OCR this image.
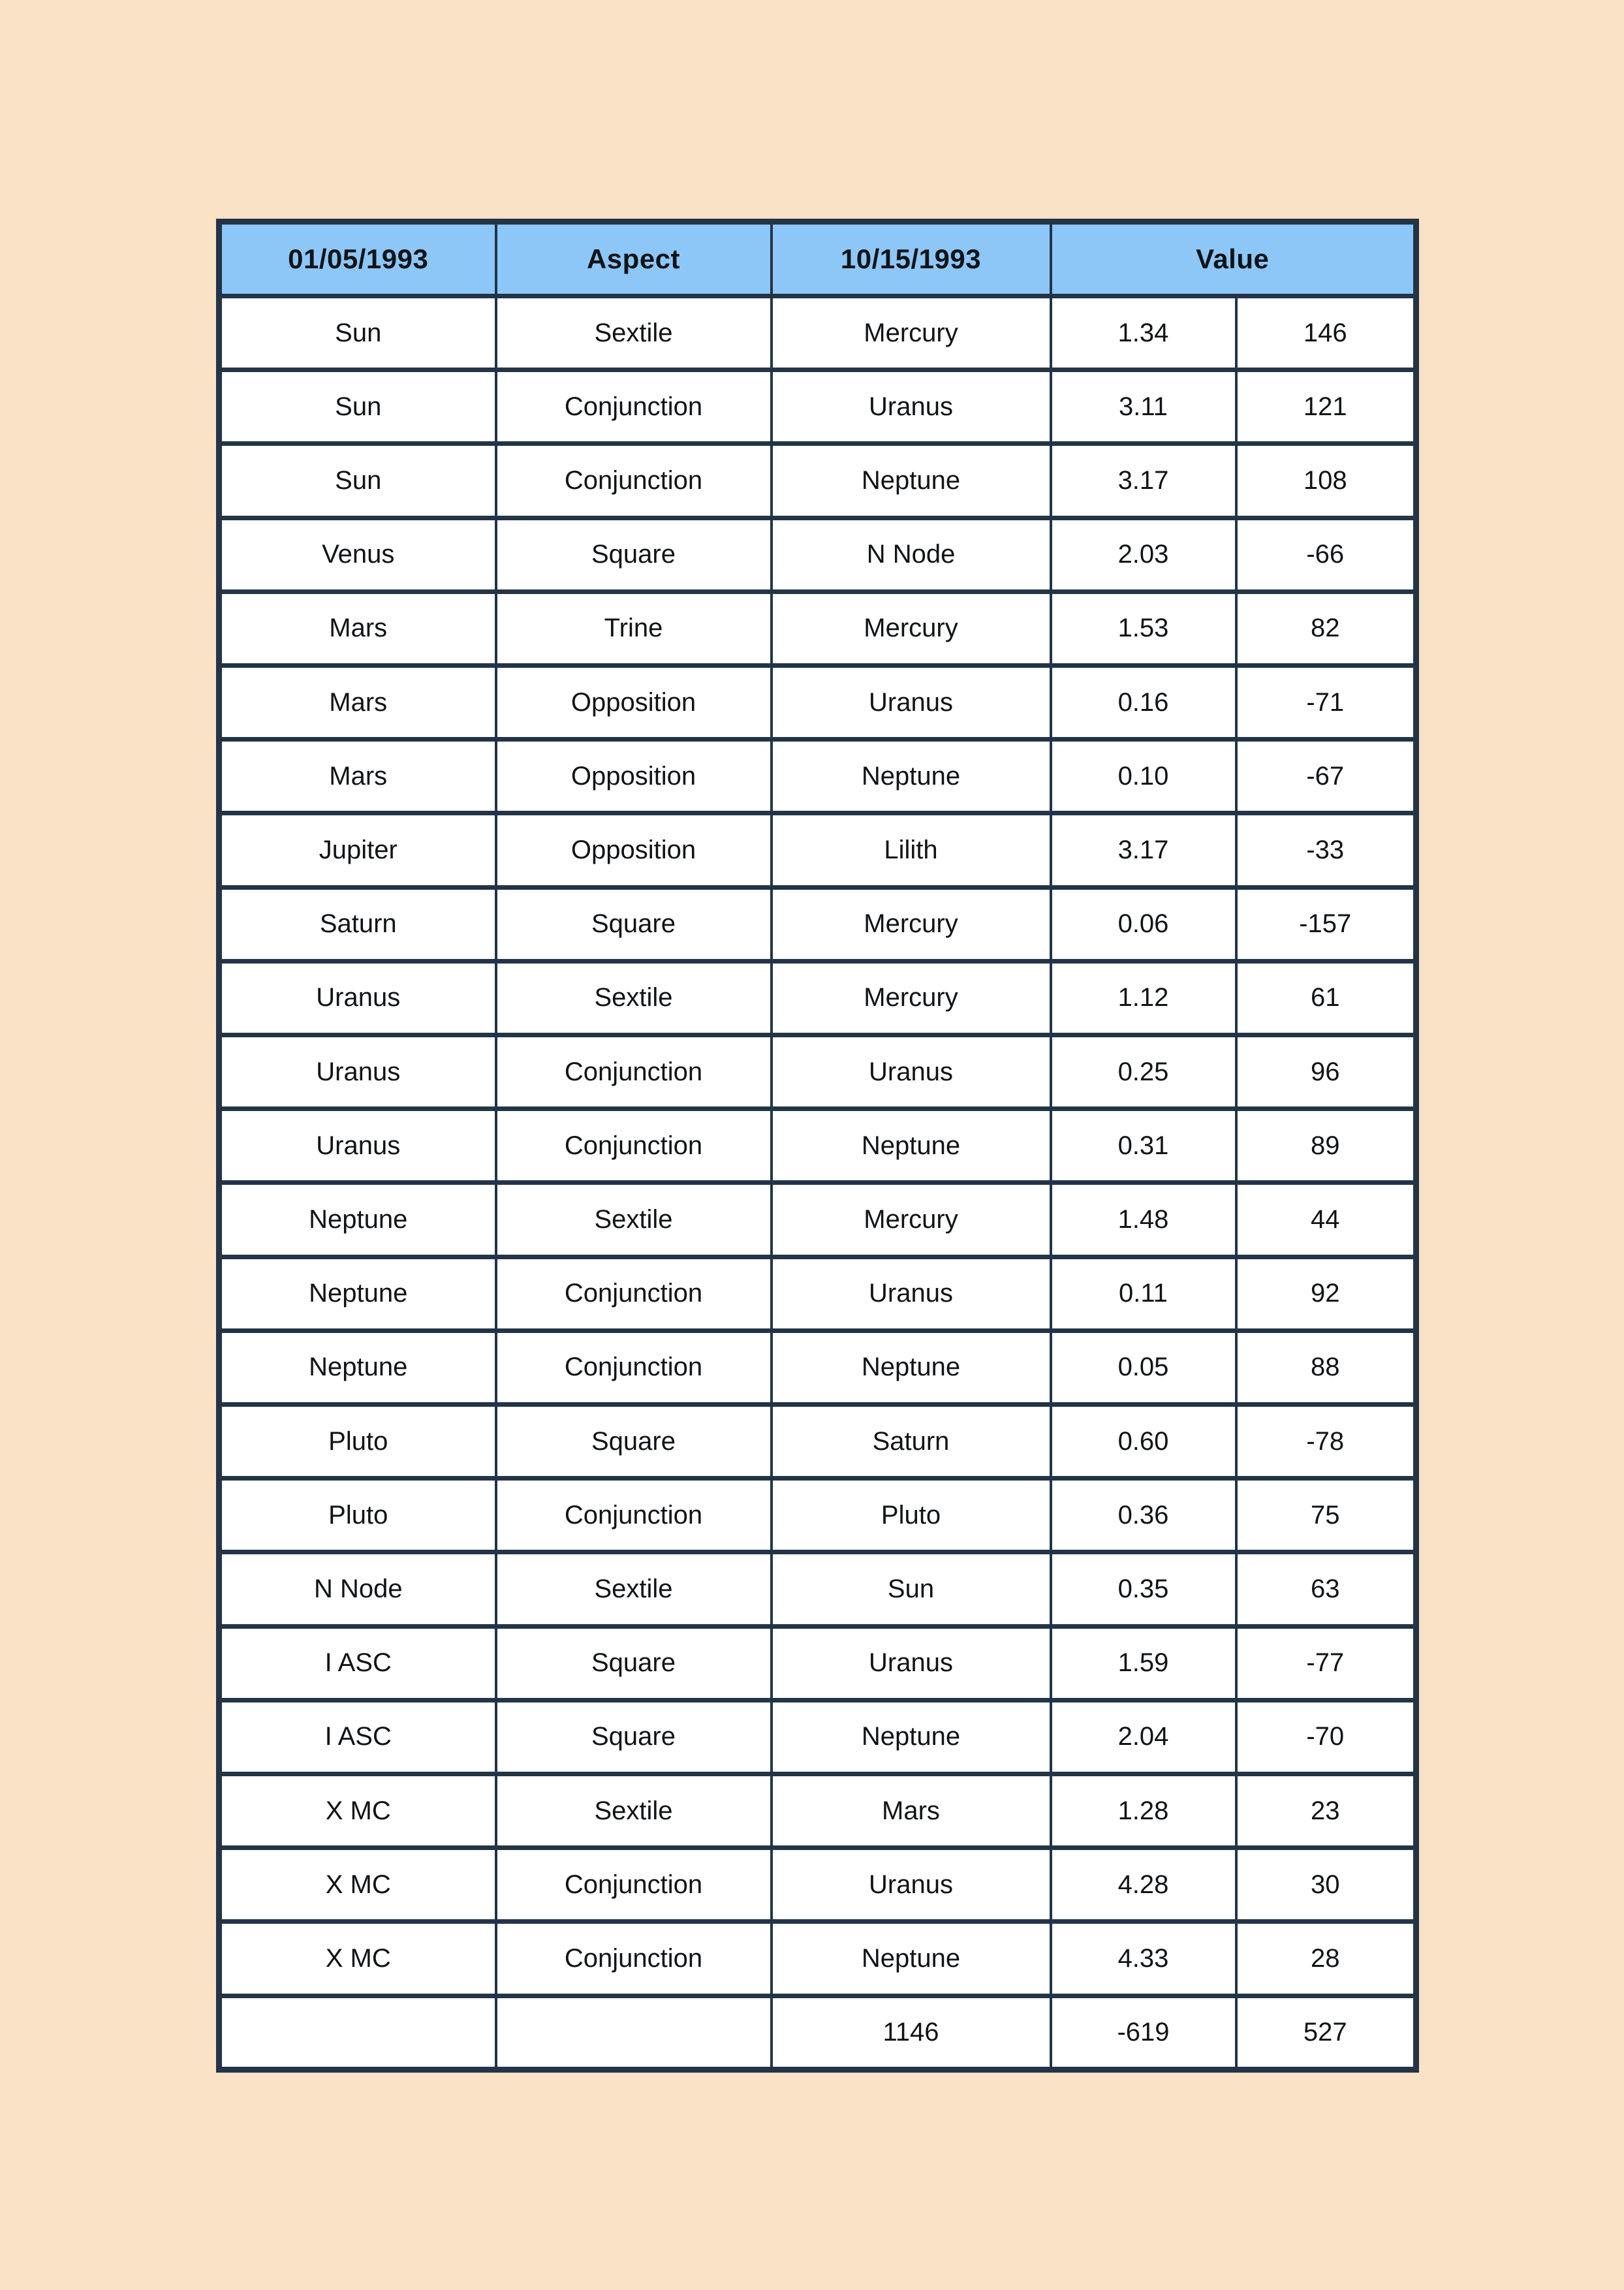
01/05/1993	Aspect	10/15/1993	Value	
Sun	Sextile	Mercury	1.34	146
Sun	Conjunction	Uranus	3.11	121
Sun	Conjunction	Neptune	3.17	108
Venus	Square	N Node	2.03	-66
Mars	Trine	Mercury	1.53	82
Mars	Opposition	Uranus	0.16	-71
Mars	Opposition	Neptune	0.10	-67
Jupiter	Opposition	Lilith	3.17	-33
Saturn	Square	Mercury	0.06	-157
Uranus	Sextile	Mercury	1.12	61
Uranus	Conjunction	Uranus	0.25	96
Uranus	Conjunction	Neptune	0.31	89
Neptune	Sextile	Mercury	1.48	44
Neptune	Conjunction	Uranus	0.11	92
Neptune	Conjunction	Neptune	0.05	88
Pluto	Square	Saturn	0.60	-78
Pluto	Conjunction	Pluto	0.36	75
N Node	Sextile	Sun	0.35	63
I ASC	Square	Uranus	1.59	-77
I ASC	Square	Neptune	2.04	-70
X MC	Sextile	Mars	1.28	23
X MC	Conjunction	Uranus	4.28	30
X MC	Conjunction	Neptune	4.33	28
		1146	-619	527
